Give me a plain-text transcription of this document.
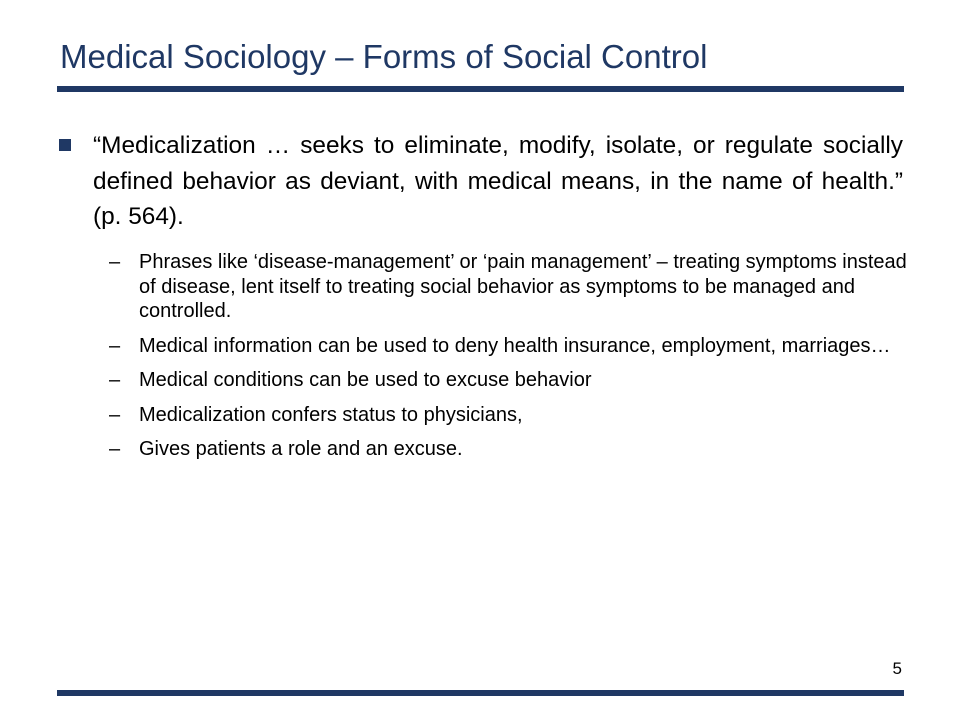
Medical Sociology – Forms of Social Control
“Medicalization … seeks to eliminate, modify, isolate, or regulate socially defined behavior as deviant, with medical means, in the name of health.” (p. 564).
– Phrases like ‘disease-management’ or ‘pain management’ – treating symptoms instead of disease, lent itself to treating social behavior as symptoms to be managed and controlled.
– Medical information can be used to deny health insurance, employment, marriages…
– Medical conditions can be used to excuse behavior
– Medicalization confers status to physicians,
– Gives patients a role and an excuse.
5
